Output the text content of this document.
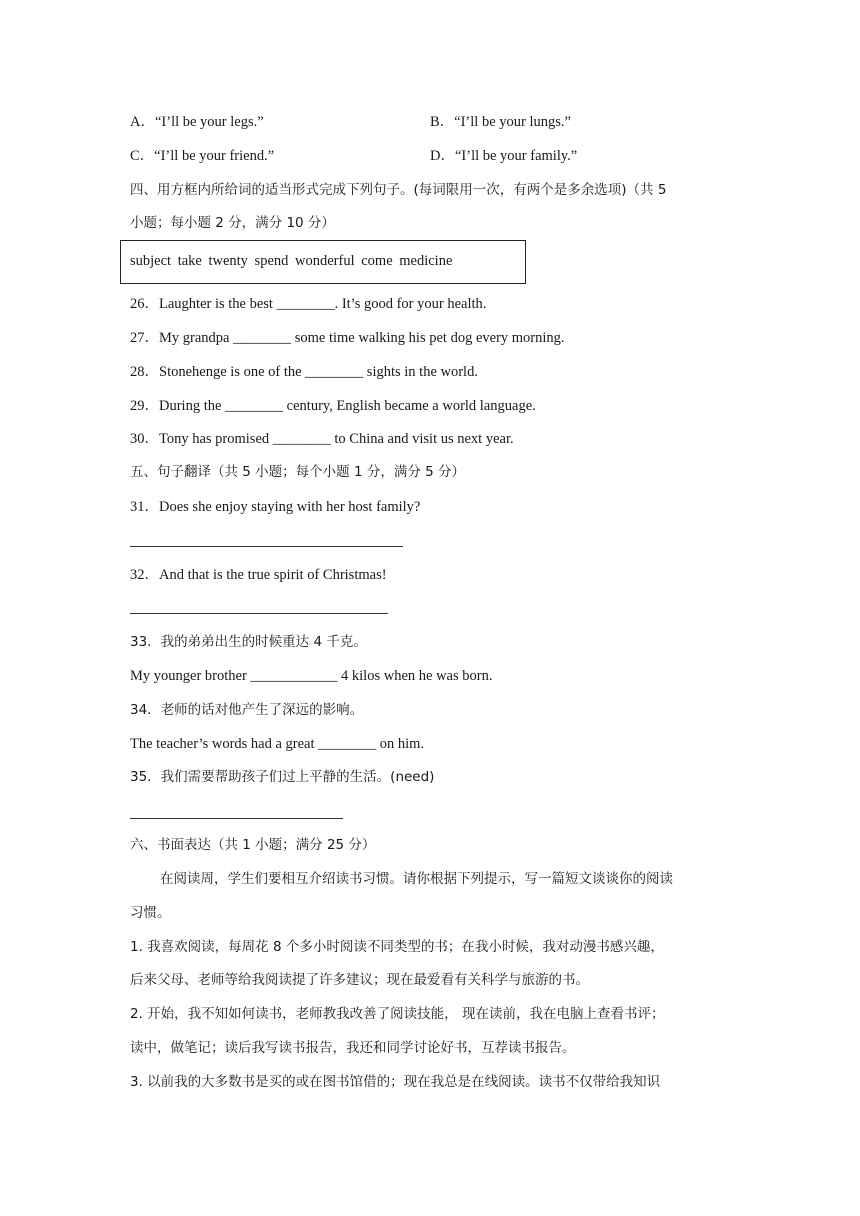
A．“I’ll be your legs.”	B．“I’ll be your lungs.”
C．“I’ll be your friend.”	D．“I’ll be your family.”
四、用方框内所给词的适当形式完成下列句子。(每词限用一次，有两个是多余选项)（共 5
小题；每小题 2 分，满分 10 分）
subject take twenty spend wonderful come medicine
26．Laughter is the best ________. It’s good for your health.
27．My grandpa ________ some time walking his pet dog every morning.
28．Stonehenge is one of the ________ sights in the world.
29．During the ________ century, English became a world language.
30．Tony has promised ________ to China and visit us next year.
五、句子翻译（共 5 小题；每个小题 1 分，满分 5 分）
31．Does she enjoy staying with her host family?
32．And that is the true spirit of Christmas!
33．我的弟弟出生的时候重达 4 千克。
My younger brother ____________ 4 kilos when he was born.
34．老师的话对他产生了深远的影响。
The teacher’s words had a great ________ on him.
35．我们需要帮助孩子们过上平静的生活。(need)
六、书面表达（共 1 小题；满分 25 分）
在阅读周，学生们要相互介绍读书习惯。请你根据下列提示，写一篇短文谈谈你的阅读
习惯。
1. 我喜欢阅读，每周花 8 个多小时阅读不同类型的书；在我小时候，我对动漫书感兴趣，
后来父母、老师等给我阅读提了许多建议；现在最爱看有关科学与旅游的书。
2. 开始，我不知如何读书，老师教我改善了阅读技能， 现在读前，我在电脑上查看书评；
读中，做笔记；读后我写读书报告，我还和同学讨论好书，互荐读书报告。
3. 以前我的大多数书是买的或在图书馆借的；现在我总是在线阅读。读书不仅带给我知识
